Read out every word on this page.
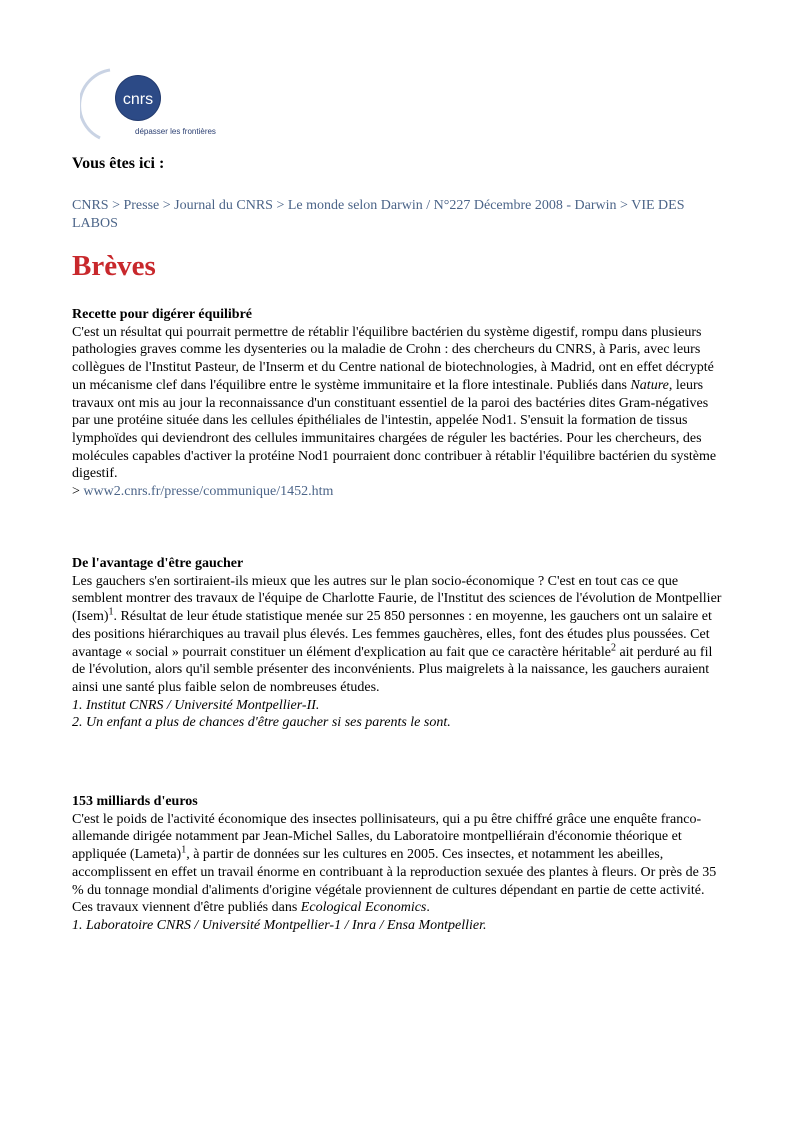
cnrs
dépasser les frontières

Vous êtes ici :

CNRS > Presse > Journal du CNRS > Le monde selon Darwin / N°227 Décembre 2008 - Darwin > VIE DES LABOS
Brèves
Recette pour digérer équilibré

C'est un résultat qui pourrait permettre de rétablir l'équilibre bactérien du système digestif, rompu dans plusieurs pathologies graves comme les dysenteries ou la maladie de Crohn : des chercheurs du CNRS, à Paris, avec leurs collègues de l'Institut Pasteur, de l'Inserm et du Centre national de biotechnologies, à Madrid, ont en effet décrypté un mécanisme clef dans l'équilibre entre le système immunitaire et la flore intestinale. Publiés dans Nature, leurs travaux ont mis au jour la reconnaissance d'un constituant essentiel de la paroi des bactéries dites Gram-négatives par une protéine située dans les cellules épithéliales de l'intestin, appelée Nod1. S'ensuit la formation de tissus lymphoïdes qui deviendront des cellules immunitaires chargées de réguler les bactéries. Pour les chercheurs, des molécules capables d'activer la protéine Nod1 pourraient donc contribuer à rétablir l'équilibre bactérien du système digestif.

> www2.cnrs.fr/presse/communique/1452.htm

De l'avantage d'être gaucher

Les gauchers s'en sortiraient-ils mieux que les autres sur le plan socio-économique ? C'est en tout cas ce que semblent montrer des travaux de l'équipe de Charlotte Faurie, de l'Institut des sciences de l'évolution de Montpellier (Isem)$^1$. Résultat de leur étude statistique menée sur 25 850 personnes : en moyenne, les gauchers ont un salaire et des positions hiérarchiques au travail plus élevés. Les femmes gauchères, elles, font des études plus poussées. Cet avantage « social » pourrait constituer un élément d'explication au fait que ce caractère héritable$^2$ ait perduré au fil de l'évolution, alors qu'il semble présenter des inconvénients. Plus maigrelets à la naissance, les gauchers auraient ainsi une santé plus faible selon de nombreuses études.

1. Institut CNRS / Université Montpellier-II.

2. Un enfant a plus de chances d'être gaucher si ses parents le sont.

153 milliards d'euros

C'est le poids de l'activité économique des insectes pollinisateurs, qui a pu être chiffré grâce une enquête franco-allemande dirigée notamment par Jean-Michel Salles, du Laboratoire montpelliérain d'économie théorique et appliquée (Lameta)$^1$, à partir de données sur les cultures en 2005. Ces insectes, et notamment les abeilles, accomplissent en effet un travail énorme en contribuant à la reproduction sexuée des plantes à fleurs. Or près de 35 % du tonnage mondial d'aliments d'origine végétale proviennent de cultures dépendant en partie de cette activité. Ces travaux viennent d'être publiés dans Ecological Economics.

1. Laboratoire CNRS / Université Montpellier-1 / Inra / Ensa Montpellier.
